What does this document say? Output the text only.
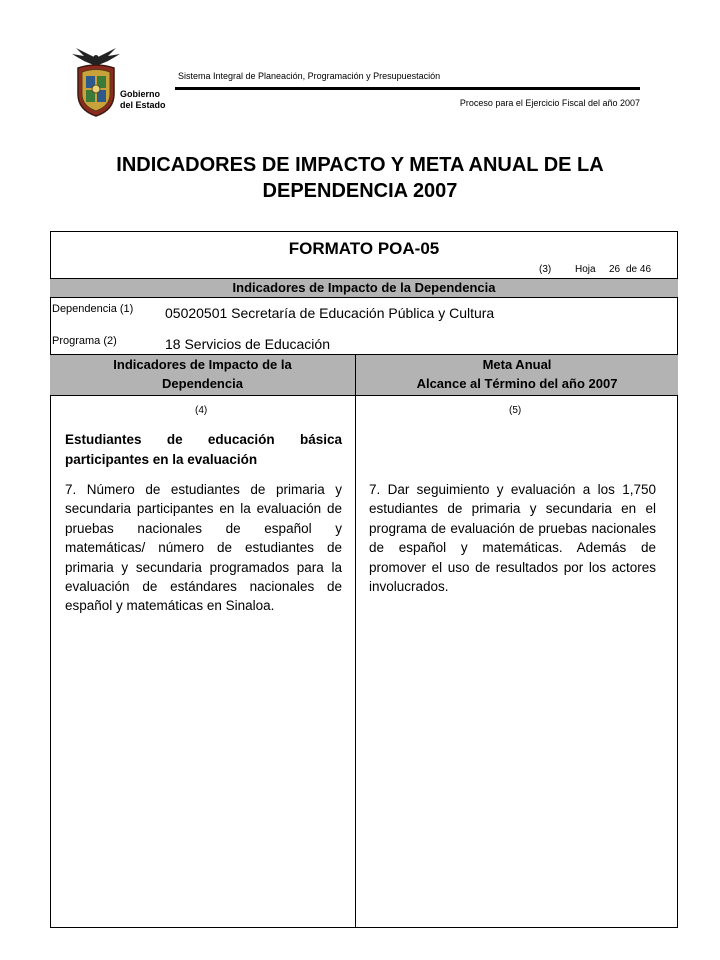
Gobierno
del Estado
Sistema Integral de Planeación, Programación y Presupuestación
Proceso para el Ejercicio Fiscal del año 2007
INDICADORES DE IMPACTO Y META ANUAL DE LA
DEPENDENCIA 2007
FORMATO POA-05
(3) Hoja 26 de 46
Indicadores de Impacto de la Dependencia
Dependencia (1) 05020501 Secretaría de Educación Pública y Cultura
Programa (2)	18 Servicios de Educación
Indicadores de Impacto de la
Dependencia
Meta Anual
Alcance al Término del año 2007
(4)	(5)
Estudiantes de educación básica participantes en la evaluación
7. Número de estudiantes de primaria y secundaria participantes en la evaluación de pruebas nacionales de español y matemáticas/ número de estudiantes de primaria y secundaria programados para la evaluación de estándares nacionales de español y matemáticas en Sinaloa.
7. Dar seguimiento y evaluación a los 1,750 estudiantes de primaria y secundaria en el programa de evaluación de pruebas nacionales de español y matemáticas. Además de promover el uso de resultados por los actores involucrados.
